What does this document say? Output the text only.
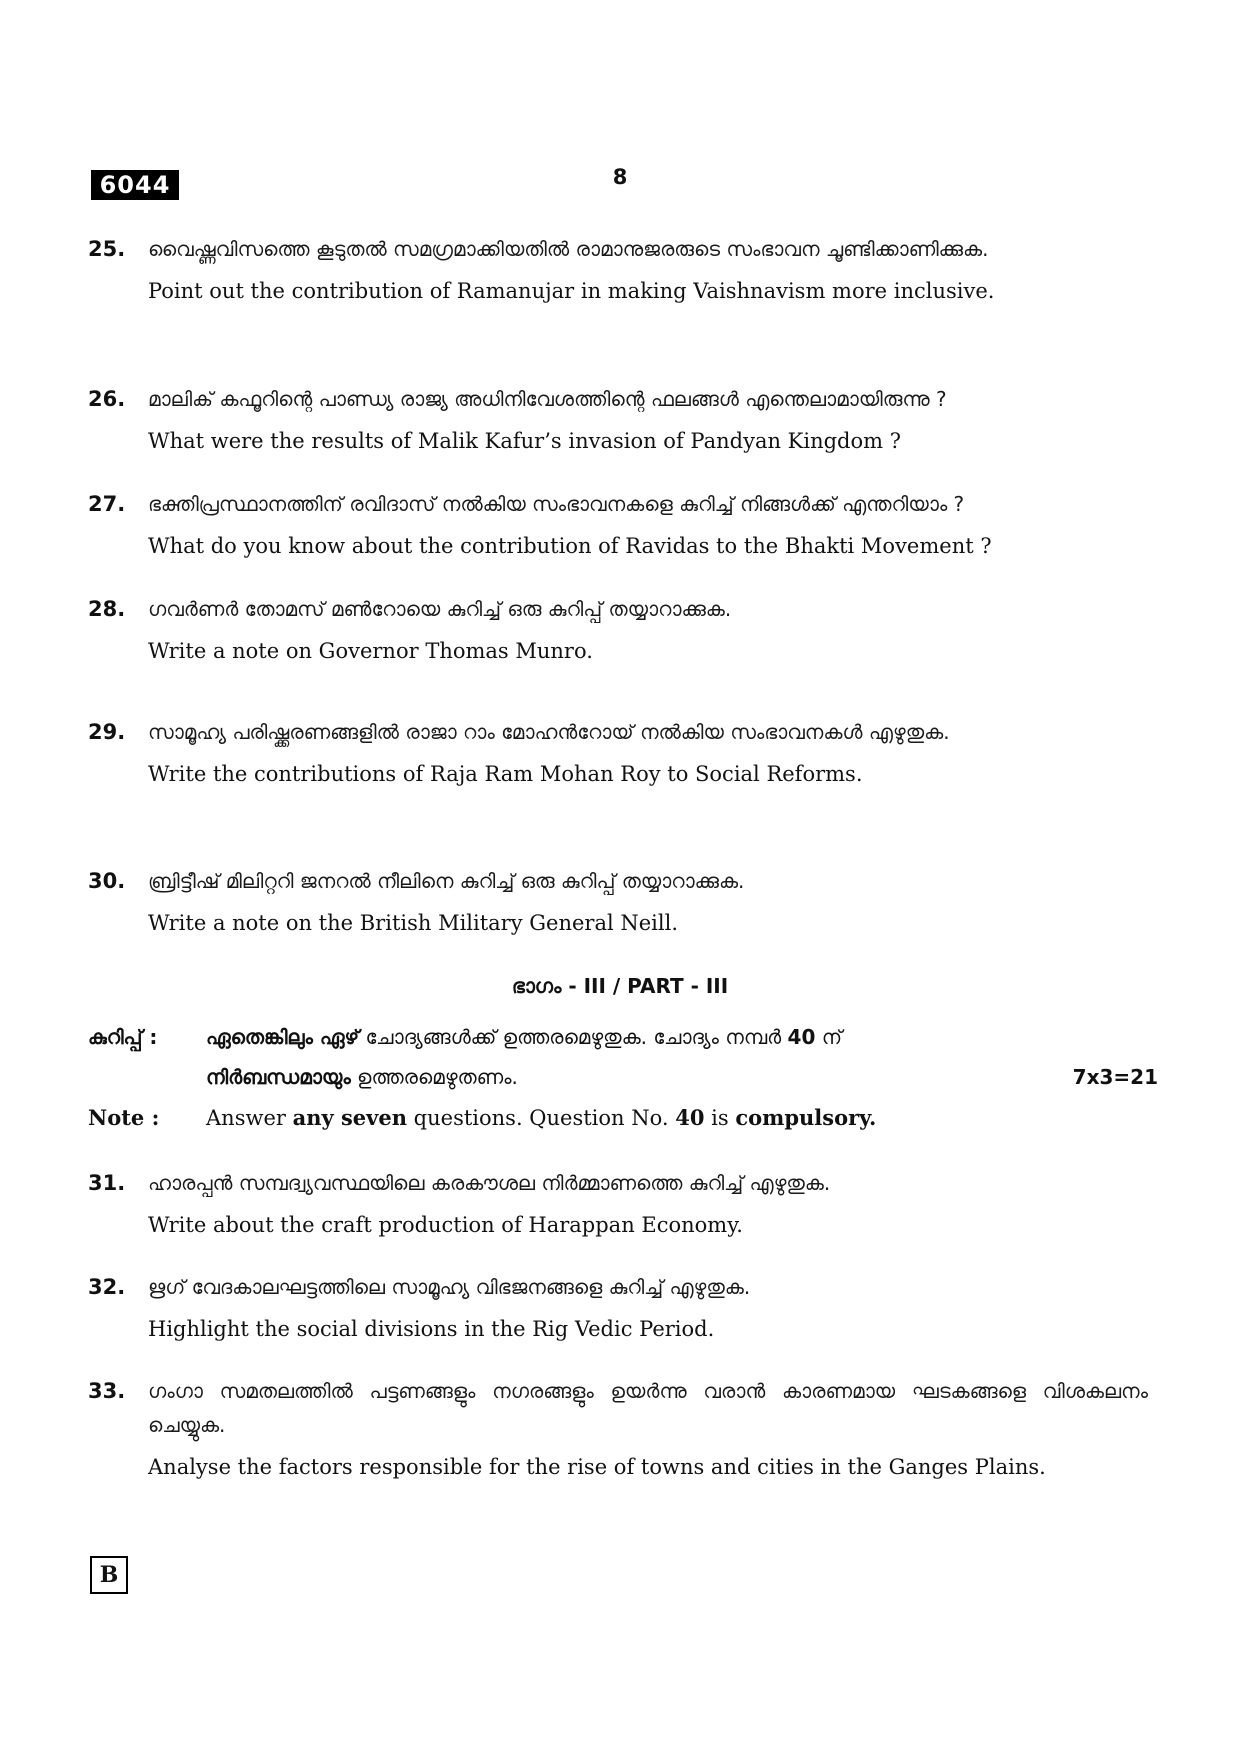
6044	8
25. വൈഷ്ണവിസത്തെ കൂടുതൽ സമഗ്രമാക്കിയതിൽ രാമാനുജരരുടെ സംഭാവന ചൂണ്ടിക്കാണിക്കുക.
Point out the contribution of Ramanujar in making Vaishnavism more inclusive.
26. മാലിക് കഫൂറിന്റെ പാണ്ഡ്യ രാജ്യ അധിനിവേശത്തിന്റെ ഫലങ്ങൾ എന്തെലാമായിരുന്നു ?
What were the results of Malik Kafur’s invasion of Pandyan Kingdom ?
27. ഭക്തിപ്രസ്ഥാനത്തിന് രവിദാസ് നൽകിയ സംഭാവനകളെ കുറിച്ച് നിങ്ങൾക്ക് എന്തറിയാം ?
What do you know about the contribution of Ravidas to the Bhakti Movement ?
28. ഗവർണർ തോമസ് മൺറോയെ കുറിച്ച് ഒരു കുറിപ്പ് തയ്യാറാക്കുക.
Write a note on Governor Thomas Munro.
29. സാമൂഹ്യ പരിഷ്ക്കരണങ്ങളിൽ രാജാ റാം മോഹൻറോയ് നൽകിയ സംഭാവനകൾ എഴുതുക.
Write the contributions of Raja Ram Mohan Roy to Social Reforms.
30. ബ്രിട്ടീഷ് മിലിറ്ററി ജനറൽ നീലിനെ കുറിച്ച് ഒരു കുറിപ്പ് തയ്യാറാക്കുക.
Write a note on the British Military General Neill.
ഭാഗം - III / PART - III
കുറിപ്പ് : ഏതെങ്കിലും ഏഴ് ചോദ്യങ്ങൾക്ക് ഉത്തരമെഴുതുക. ചോദ്യം നമ്പർ 40 ന്
നിർബന്ധമായും ഉത്തരമെഴുതണം.	7x3=21
Note : Answer any seven questions. Question No. 40 is compulsory.
31. ഹാരപ്പൻ സമ്പദ്വ്യവസ്ഥയിലെ കരകൗശല നിർമ്മാണത്തെ കുറിച്ച് എഴുതുക.
Write about the craft production of Harappan Economy.
32. ഋഗ് വേദകാലഘട്ടത്തിലെ സാമൂഹ്യ വിഭജനങ്ങളെ കുറിച്ച് എഴുതുക.
Highlight the social divisions in the Rig Vedic Period.
33. ഗംഗാ സമതലത്തിൽ പട്ടണങ്ങളും നഗരങ്ങളും ഉയർന്നു വരാൻ കാരണമായ ഘടകങ്ങളെ വിശകലനം ചെയ്യുക.
Analyse the factors responsible for the rise of towns and cities in the Ganges Plains.
B
